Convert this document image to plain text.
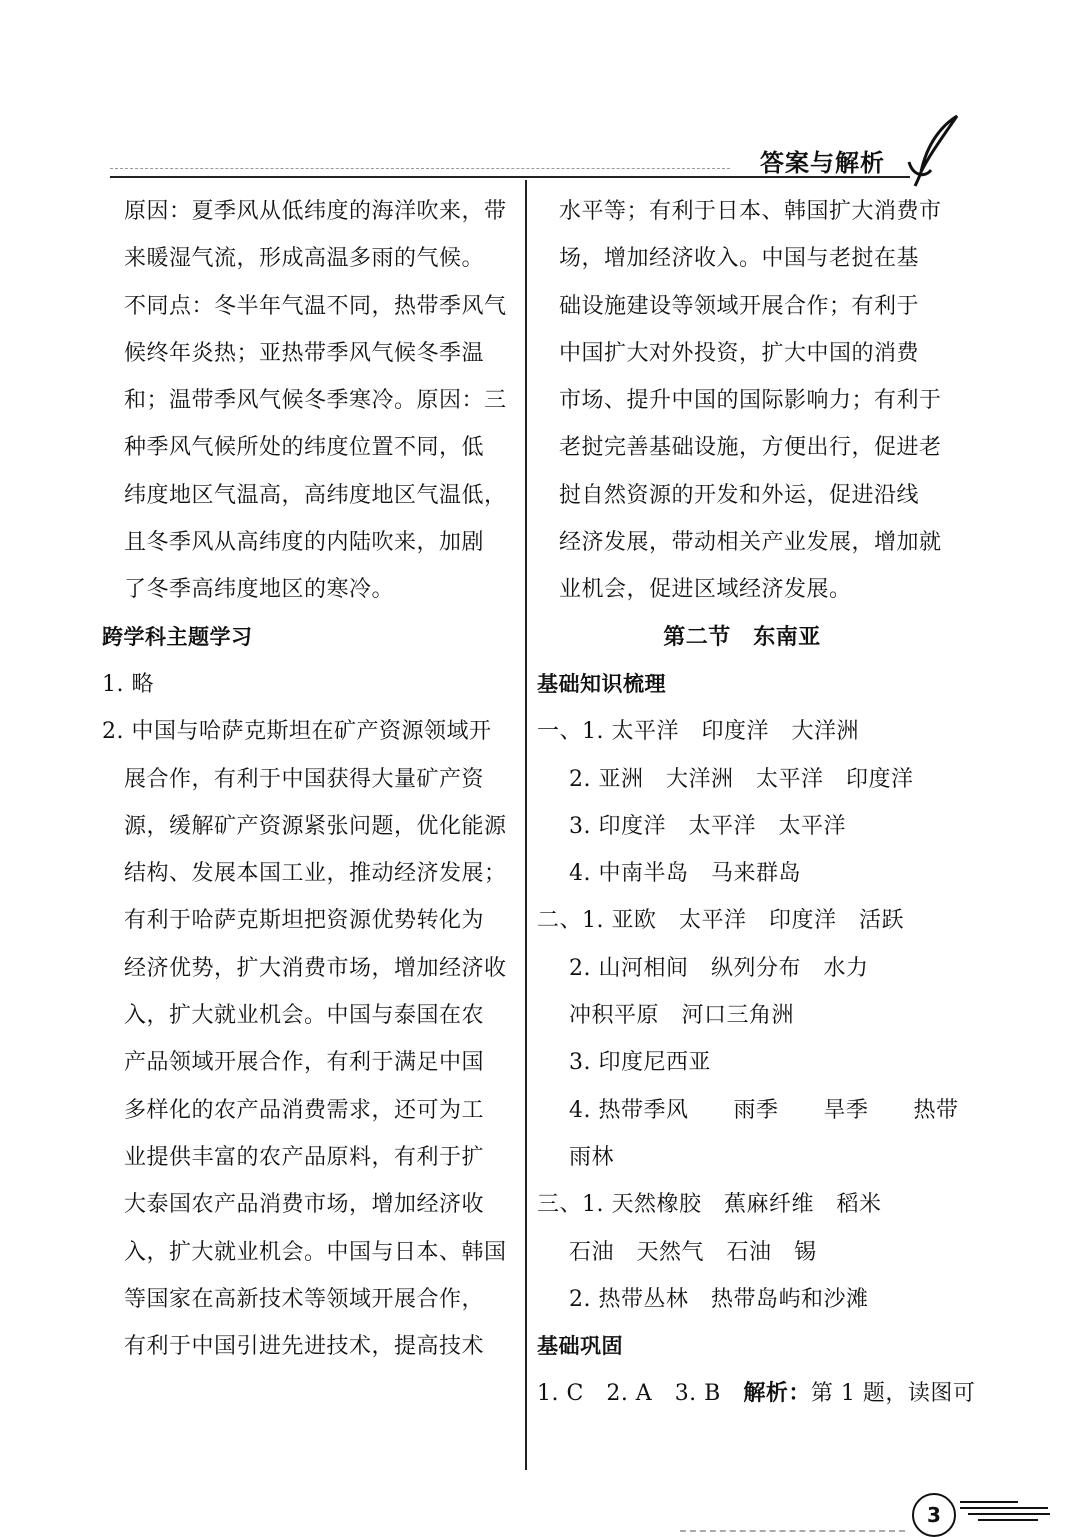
答案与解析
原因：夏季风从低纬度的海洋吹来，带
来暖湿气流，形成高温多雨的气候。
不同点：冬半年气温不同，热带季风气
候终年炎热；亚热带季风气候冬季温
和；温带季风气候冬季寒冷。原因：三
种季风气候所处的纬度位置不同，低
纬度地区气温高，高纬度地区气温低，
且冬季风从高纬度的内陆吹来，加剧
了冬季高纬度地区的寒冷。
跨学科主题学习
1. 略
2. 中国与哈萨克斯坦在矿产资源领域开
展合作，有利于中国获得大量矿产资
源，缓解矿产资源紧张问题，优化能源
结构、发展本国工业，推动经济发展；
有利于哈萨克斯坦把资源优势转化为
经济优势，扩大消费市场，增加经济收
入，扩大就业机会。中国与泰国在农
产品领域开展合作，有利于满足中国
多样化的农产品消费需求，还可为工
业提供丰富的农产品原料，有利于扩
大泰国农产品消费市场，增加经济收
入，扩大就业机会。中国与日本、韩国
等国家在高新技术等领域开展合作，
有利于中国引进先进技术，提高技术
水平等；有利于日本、韩国扩大消费市
场，增加经济收入。中国与老挝在基
础设施建设等领域开展合作；有利于
中国扩大对外投资，扩大中国的消费
市场、提升中国的国际影响力；有利于
老挝完善基础设施，方便出行，促进老
挝自然资源的开发和外运，促进沿线
经济发展，带动相关产业发展，增加就
业机会，促进区域经济发展。
第二节　东南亚
基础知识梳理
一、1. 太平洋　印度洋　大洋洲
2. 亚洲　大洋洲　太平洋　印度洋
3. 印度洋　太平洋　太平洋
4. 中南半岛　马来群岛
二、1. 亚欧　太平洋　印度洋　活跃
2. 山河相间　纵列分布　水力
冲积平原　河口三角洲
3. 印度尼西亚
4. 热带季风　　雨季　　旱季　　热带
雨林
三、1. 天然橡胶　蕉麻纤维　稻米
石油　天然气　石油　锡
2. 热带丛林　热带岛屿和沙滩
基础巩固
1. C　2. A　3. B　解析：第 1 题，读图可
3
